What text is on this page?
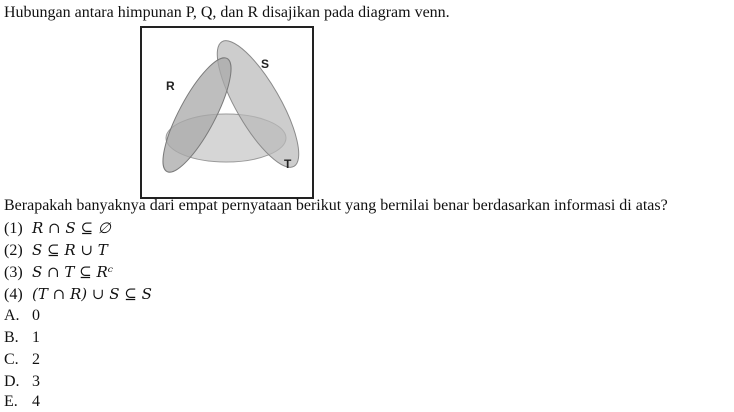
Hubungan antara himpunan P, Q, dan R disajikan pada diagram venn.
R
S
T
Berapakah banyaknya dari empat pernyataan berikut yang bernilai benar berdasarkan informasi di atas?
(1) R ∩ S ⊆ ∅
(2) S ⊆ R ∪ T
(3) S ∩ T ⊆ Rᶜ
(4) (T ∩ R) ∪ S ⊆ S
A. 0
B. 1
C. 2
D. 3
E. 4
